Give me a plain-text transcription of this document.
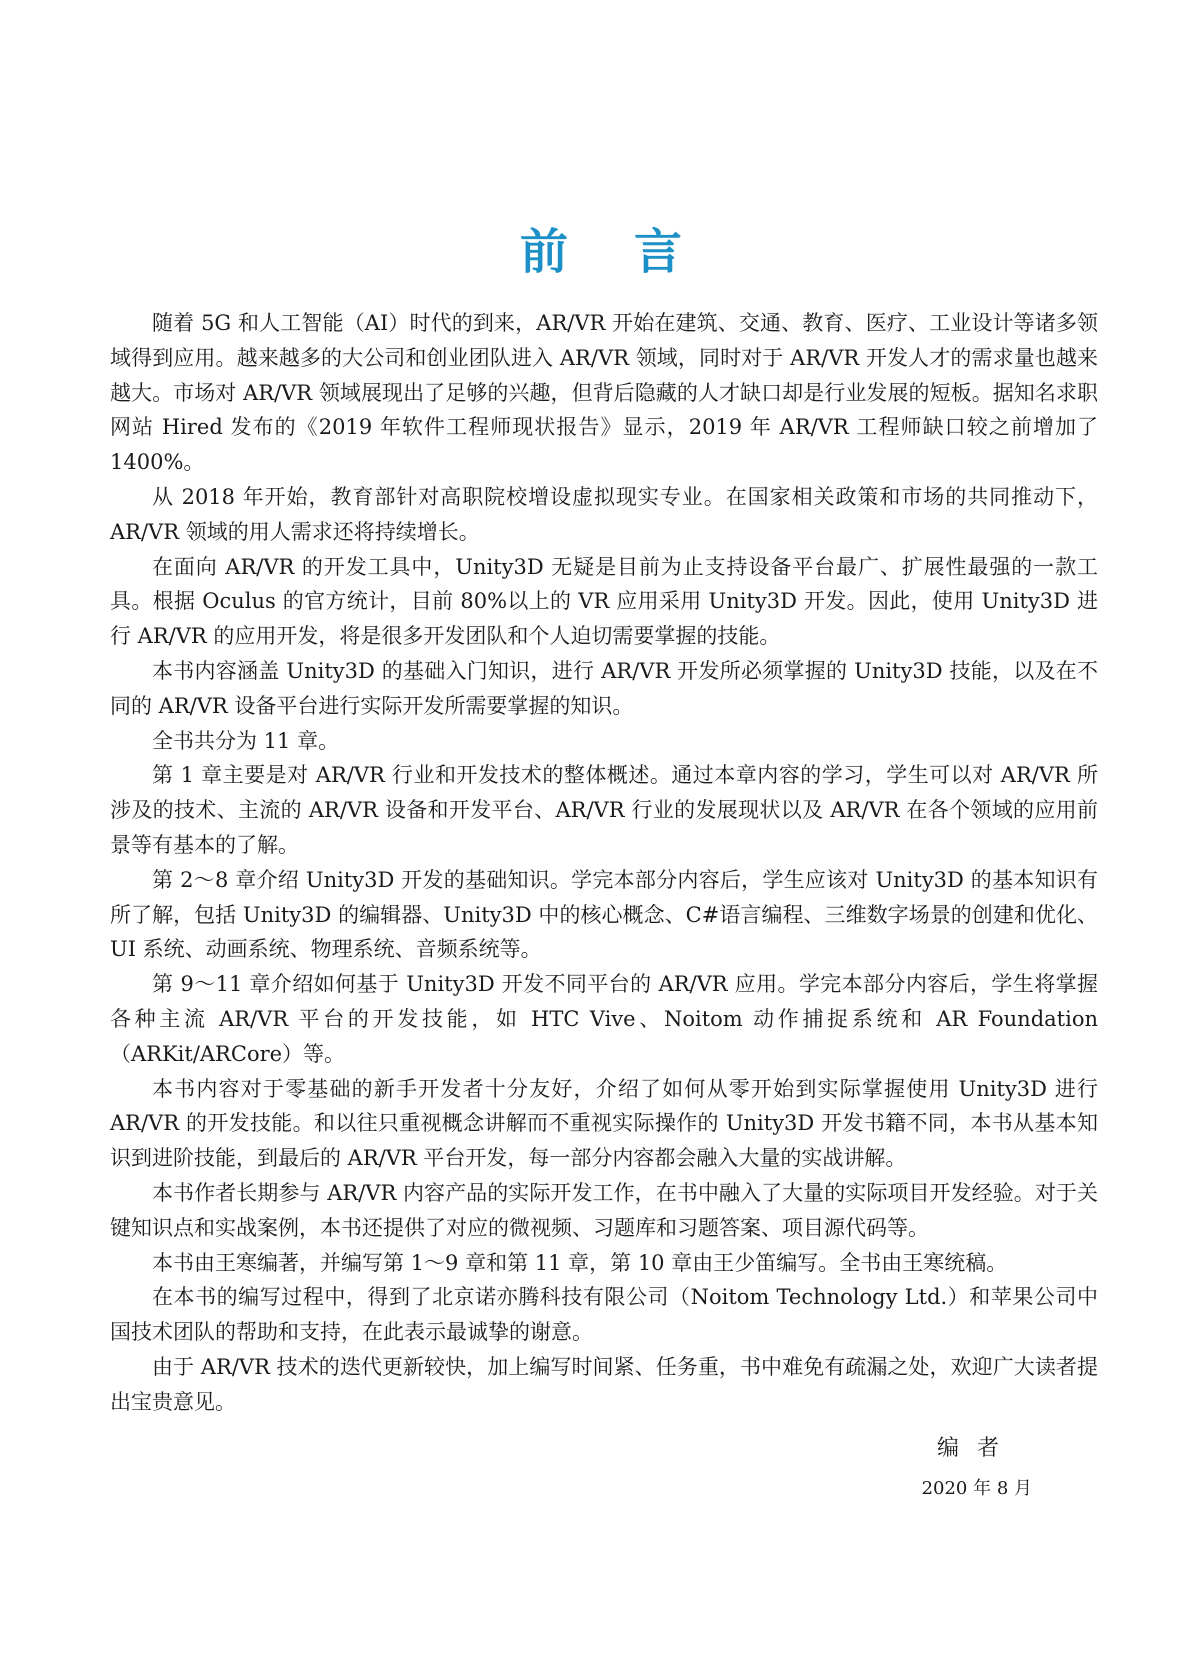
前言

随着 5G 和人工智能（AI）时代的到来，AR/VR 开始在建筑、交通、教育、医疗、工业设计等诸多领域得到应用。越来越多的大公司和创业团队进入 AR/VR 领域，同时对于 AR/VR 开发人才的需求量也越来越大。市场对 AR/VR 领域展现出了足够的兴趣，但背后隐藏的人才缺口却是行业发展的短板。据知名求职网站 Hired 发布的《2019 年软件工程师现状报告》显示，2019 年 AR/VR 工程师缺口较之前增加了 1400%。

从 2018 年开始，教育部针对高职院校增设虚拟现实专业。在国家相关政策和市场的共同推动下，AR/VR 领域的用人需求还将持续增长。

在面向 AR/VR 的开发工具中，Unity3D 无疑是目前为止支持设备平台最广、扩展性最强的一款工具。根据 Oculus 的官方统计，目前 80%以上的 VR 应用采用 Unity3D 开发。因此，使用 Unity3D 进行 AR/VR 的应用开发，将是很多开发团队和个人迫切需要掌握的技能。

本书内容涵盖 Unity3D 的基础入门知识，进行 AR/VR 开发所必须掌握的 Unity3D 技能，以及在不同的 AR/VR 设备平台进行实际开发所需要掌握的知识。

全书共分为 11 章。

第 1 章主要是对 AR/VR 行业和开发技术的整体概述。通过本章内容的学习，学生可以对 AR/VR 所涉及的技术、主流的 AR/VR 设备和开发平台、AR/VR 行业的发展现状以及 AR/VR 在各个领域的应用前景等有基本的了解。

第 2～8 章介绍 Unity3D 开发的基础知识。学完本部分内容后，学生应该对 Unity3D 的基本知识有所了解，包括 Unity3D 的编辑器、Unity3D 中的核心概念、C#语言编程、三维数字场景的创建和优化、UI 系统、动画系统、物理系统、音频系统等。

第 9～11 章介绍如何基于 Unity3D 开发不同平台的 AR/VR 应用。学完本部分内容后，学生将掌握各种主流 AR/VR 平台的开发技能，如 HTC Vive、Noitom 动作捕捉系统和 AR Foundation（ARKit/ARCore）等。

本书内容对于零基础的新手开发者十分友好，介绍了如何从零开始到实际掌握使用 Unity3D 进行 AR/VR 的开发技能。和以往只重视概念讲解而不重视实际操作的 Unity3D 开发书籍不同，本书从基本知识到进阶技能，到最后的 AR/VR 平台开发，每一部分内容都会融入大量的实战讲解。

本书作者长期参与 AR/VR 内容产品的实际开发工作，在书中融入了大量的实际项目开发经验。对于关键知识点和实战案例，本书还提供了对应的微视频、习题库和习题答案、项目源代码等。

本书由王寒编著，并编写第 1～9 章和第 11 章，第 10 章由王少笛编写。全书由王寒统稿。

在本书的编写过程中，得到了北京诺亦腾科技有限公司（Noitom Technology Ltd.）和苹果公司中国技术团队的帮助和支持，在此表示最诚挚的谢意。

由于 AR/VR 技术的迭代更新较快，加上编写时间紧、任务重，书中难免有疏漏之处，欢迎广大读者提出宝贵意见。

编者
2020 年 8 月
